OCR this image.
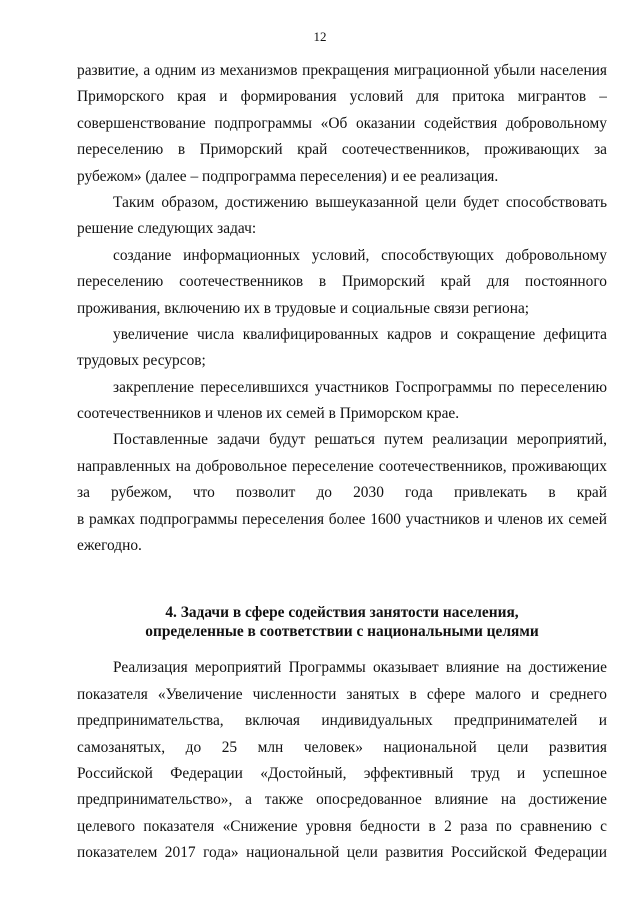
12
развитие, а одним из механизмов прекращения миграционной убыли населения
Приморского края и формирования условий для притока мигрантов –
совершенствование подпрограммы «Об оказании содействия добровольному
переселению в Приморский край соотечественников, проживающих за
рубежом» (далее – подпрограмма переселения) и ее реализация.
Таким образом, достижению вышеуказанной цели будет способствовать
решение следующих задач:
создание информационных условий, способствующих добровольному
переселению соотечественников в Приморский край для постоянного
проживания, включению их в трудовые и социальные связи региона;
увеличение числа квалифицированных кадров и сокращение дефицита
трудовых ресурсов;
закрепление переселившихся участников Госпрограммы по переселению
соотечественников и членов их семей в Приморском крае.
Поставленные задачи будут решаться путем реализации мероприятий,
направленных на добровольное переселение соотечественников, проживающих
за рубежом, что позволит до 2030 года привлекать в край
в рамках подпрограммы переселения более 1600 участников и членов их семей
ежегодно.
4. Задачи в сфере содействия занятости населения,
определенные в соответствии с национальными целями
Реализация мероприятий Программы оказывает влияние на достижение
показателя «Увеличение численности занятых в сфере малого и среднего
предпринимательства, включая индивидуальных предпринимателей и
самозанятых, до 25 млн человек» национальной цели развития
Российской Федерации «Достойный, эффективный труд и успешное
предпринимательство», а также опосредованное влияние на достижение
целевого показателя «Снижение уровня бедности в 2 раза по сравнению с
показателем 2017 года» национальной цели развития Российской Федерации
